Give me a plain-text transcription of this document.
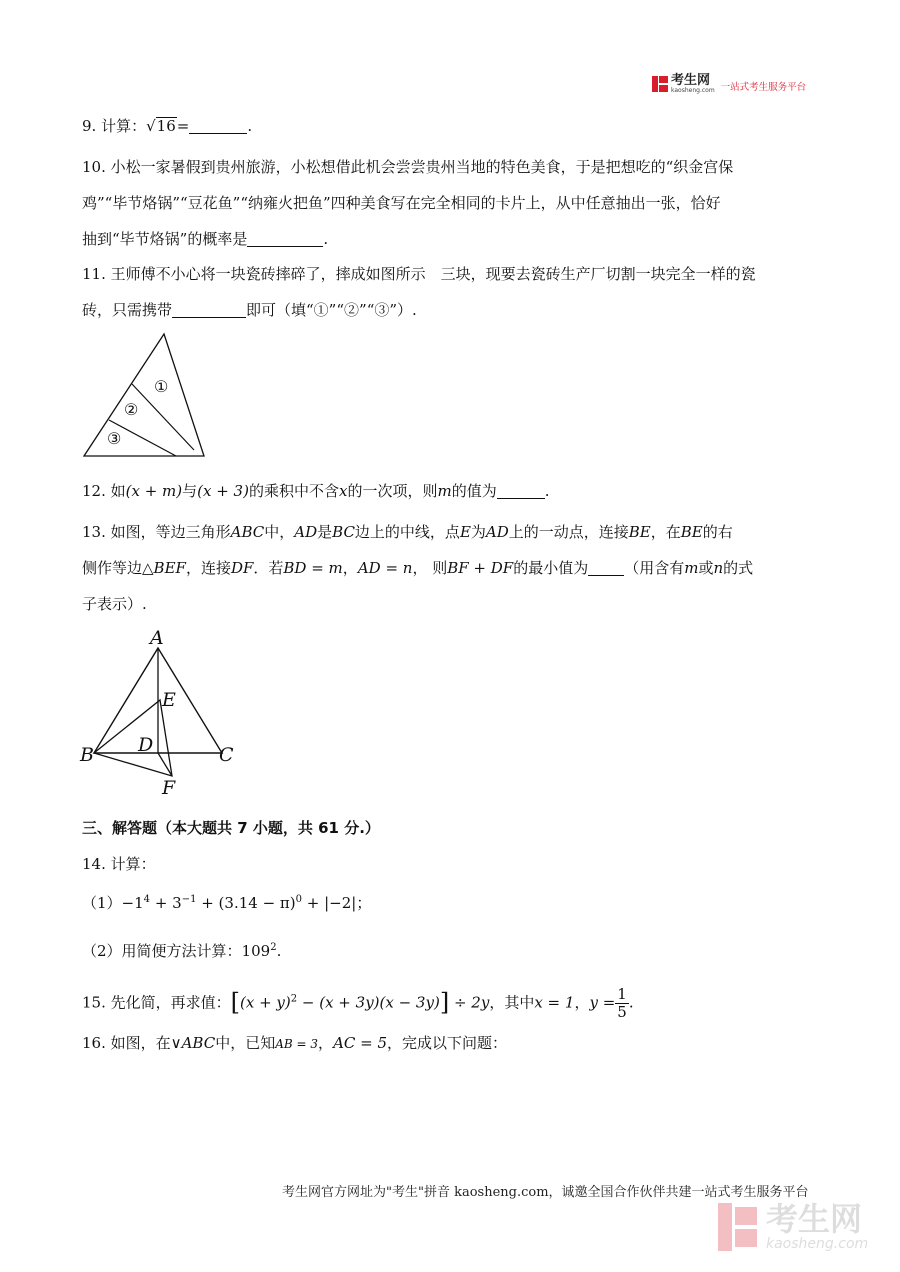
考生网
kaosheng.com 一站式考生服务平台
9. 计算：√16=	.
10. 小松一家暑假到贵州旅游，小松想借此机会尝尝贵州当地的特色美食，于是把想吃的“织金宫保
鸡”“毕节烙锅”“豆花鱼”“纳雍火把鱼”四种美食写在完全相同的卡片上，从中任意抽出一张，恰好
抽到“毕节烙锅”的概率是	.
11. 王师傅不小心将一块瓷砖摔碎了，摔成如图所示　三块，现要去瓷砖生产厂切割一块完全一样的瓷
砖，只需携带	即可（填“①”“②”“③”）.
①
②
③
12. 如(x + m)与(x + 3)的乘积中不含x的一次项，则m的值为	.
13. 如图，等边三角形ABC中，AD是BC边上的中线，点E为AD上的一动点，连接BE，在BE的右
侧作等边△BEF，连接DF．若BD = m，AD = n， 则BF + DF的最小值为 （用含有m或n的式
子表示）.
A
B	C
D
E
F
三、解答题（本大题共 7 小题，共 61 分.）
14. 计算：
$(1)-1^4 + 3^{-1} + (3.14 - \pi)^0 + |-2|$；
（2）用简便方法计算：$109^2$.
15. 先化简，再求值：$[(x + y)^2 - (x + 3y)(x - 3y)] \div 2y$，其中x = 1，$y = \frac{1}{5}$ .
16. 如图，在∨ABC中，已知AB = 3，AC = 5，完成以下问题：
考生网官方网址为"考生"拼音 kaosheng.com，诚邀全国合作伙伴共建一站式考生服务平台
考生网
kaosheng.com
